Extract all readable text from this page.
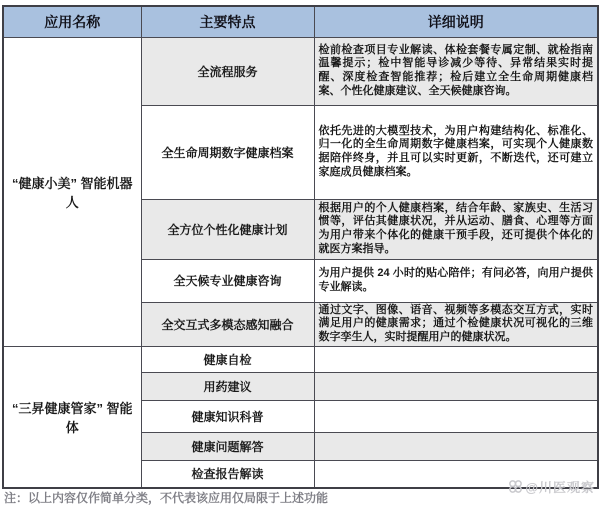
应用名称	主要特点	详细说明
“健康小美” 智能机器人	全流程服务	检前检查项目专业解读、体检套餐专属定制、就检指南温馨提示；检中智能导诊减少等待、异常结果实时提醒、深度检查智能推荐；检后建立全生命周期健康档案、个性化健康建议、全天候健康咨询。
	全生命周期数字健康档案	依托先进的大模型技术，为用户构建结构化、标准化、归一化的全生命周期数字健康档案，可实现个人健康数据陪伴终身，并且可以实时更新，不断迭代，还可建立家庭成员健康档案。
	全方位个性化健康计划	根据用户的个人健康档案，结合年龄、家族史、生活习惯等，评估其健康状况，并从运动、膳食、心理等方面为用户带来个体化的健康干预手段，还可提供个体化的就医方案指导。
	全天候专业健康咨询	为用户提供 24 小时的贴心陪伴；有问必答，向用户提供专业解读。
	全交互式多模态感知融合	通过文字、图像、语音、视频等多模态交互方式，实时满足用户的健康需求；通过个检健康状况可视化的三维数字孪生人，实时提醒用户的健康状况。
“三昇健康管家” 智能体	健康自检	
	用药建议	
	健康知识科普	
	健康问题解答	
	检查报告解读	
注：以上内容仅作简单分类，不代表该应用仅局限于上述功能
@川医观察
